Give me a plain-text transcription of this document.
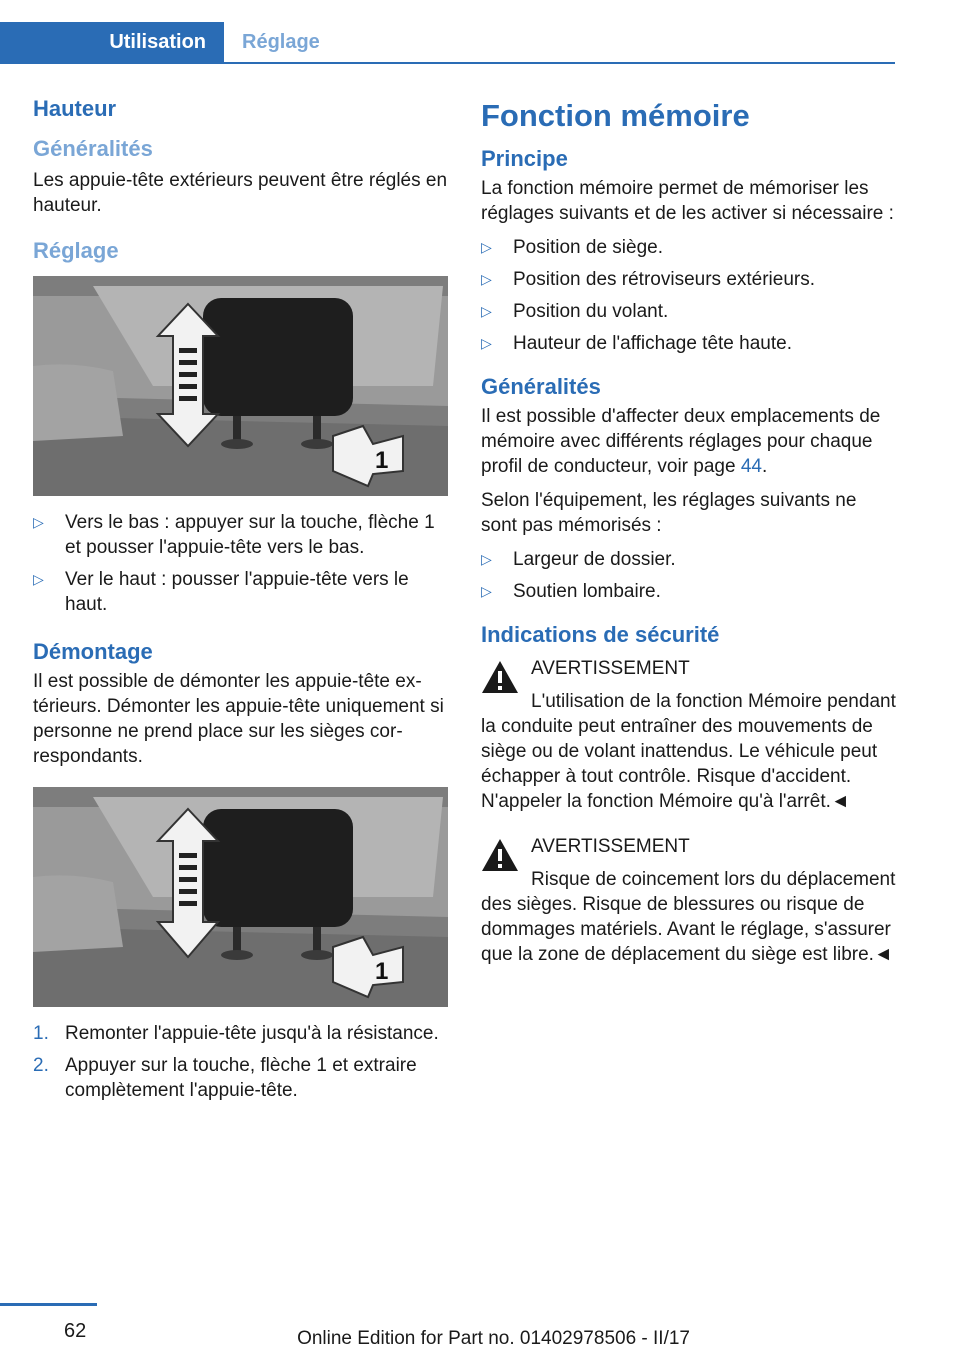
Utilisation	Réglage
Hauteur
Généralités

Les appuie-tête extérieurs peuvent être réglés en hauteur.

Réglage
1
▷ Vers le bas : appuyer sur la touche, flèche 1 et pousser l'appuie-tête vers le bas.
▷ Ver le haut : pousser l'appuie-tête vers le haut.
Démontage

Il est possible de démonter les appuie-tête extérieurs. Démonter les appuie-tête uniquement si personne ne prend place sur les sièges correspondants.

1
1. Remonter l'appuie-tête jusqu'à la résistance.
2. Appuyer sur la touche, flèche 1 et extraire complètement l'appuie-tête.
Fonction mémoire
Principe

La fonction mémoire permet de mémoriser les réglages suivants et de les activer si nécessaire :

▷ Position de siège.
▷ Position des rétroviseurs extérieurs.
▷ Position du volant.
▷ Hauteur de l'affichage tête haute.
Généralités

Il est possible d'affecter deux emplacements de mémoire avec différents réglages pour chaque profil de conducteur, voir page 44.

Selon l'équipement, les réglages suivants ne sont pas mémorisés :

▷ Largeur de dossier.
▷ Soutien lombaire.
Indications de sécurité

AVERTISSEMENT

L'utilisation de la fonction Mémoire pendant la conduite peut entraîner des mouvements de siège ou de volant inattendus. Le véhicule peut échapper à tout contrôle. Risque d'accident. N'appeler la fonction Mémoire qu'à l'arrêt.◄

AVERTISSEMENT

Risque de coincement lors du déplacement des sièges. Risque de blessures ou risque de dommages matériels. Avant le réglage, s'assurer que la zone de déplacement du siège est libre.◄

62	Online Edition for Part no. 01402978506 - II/17
